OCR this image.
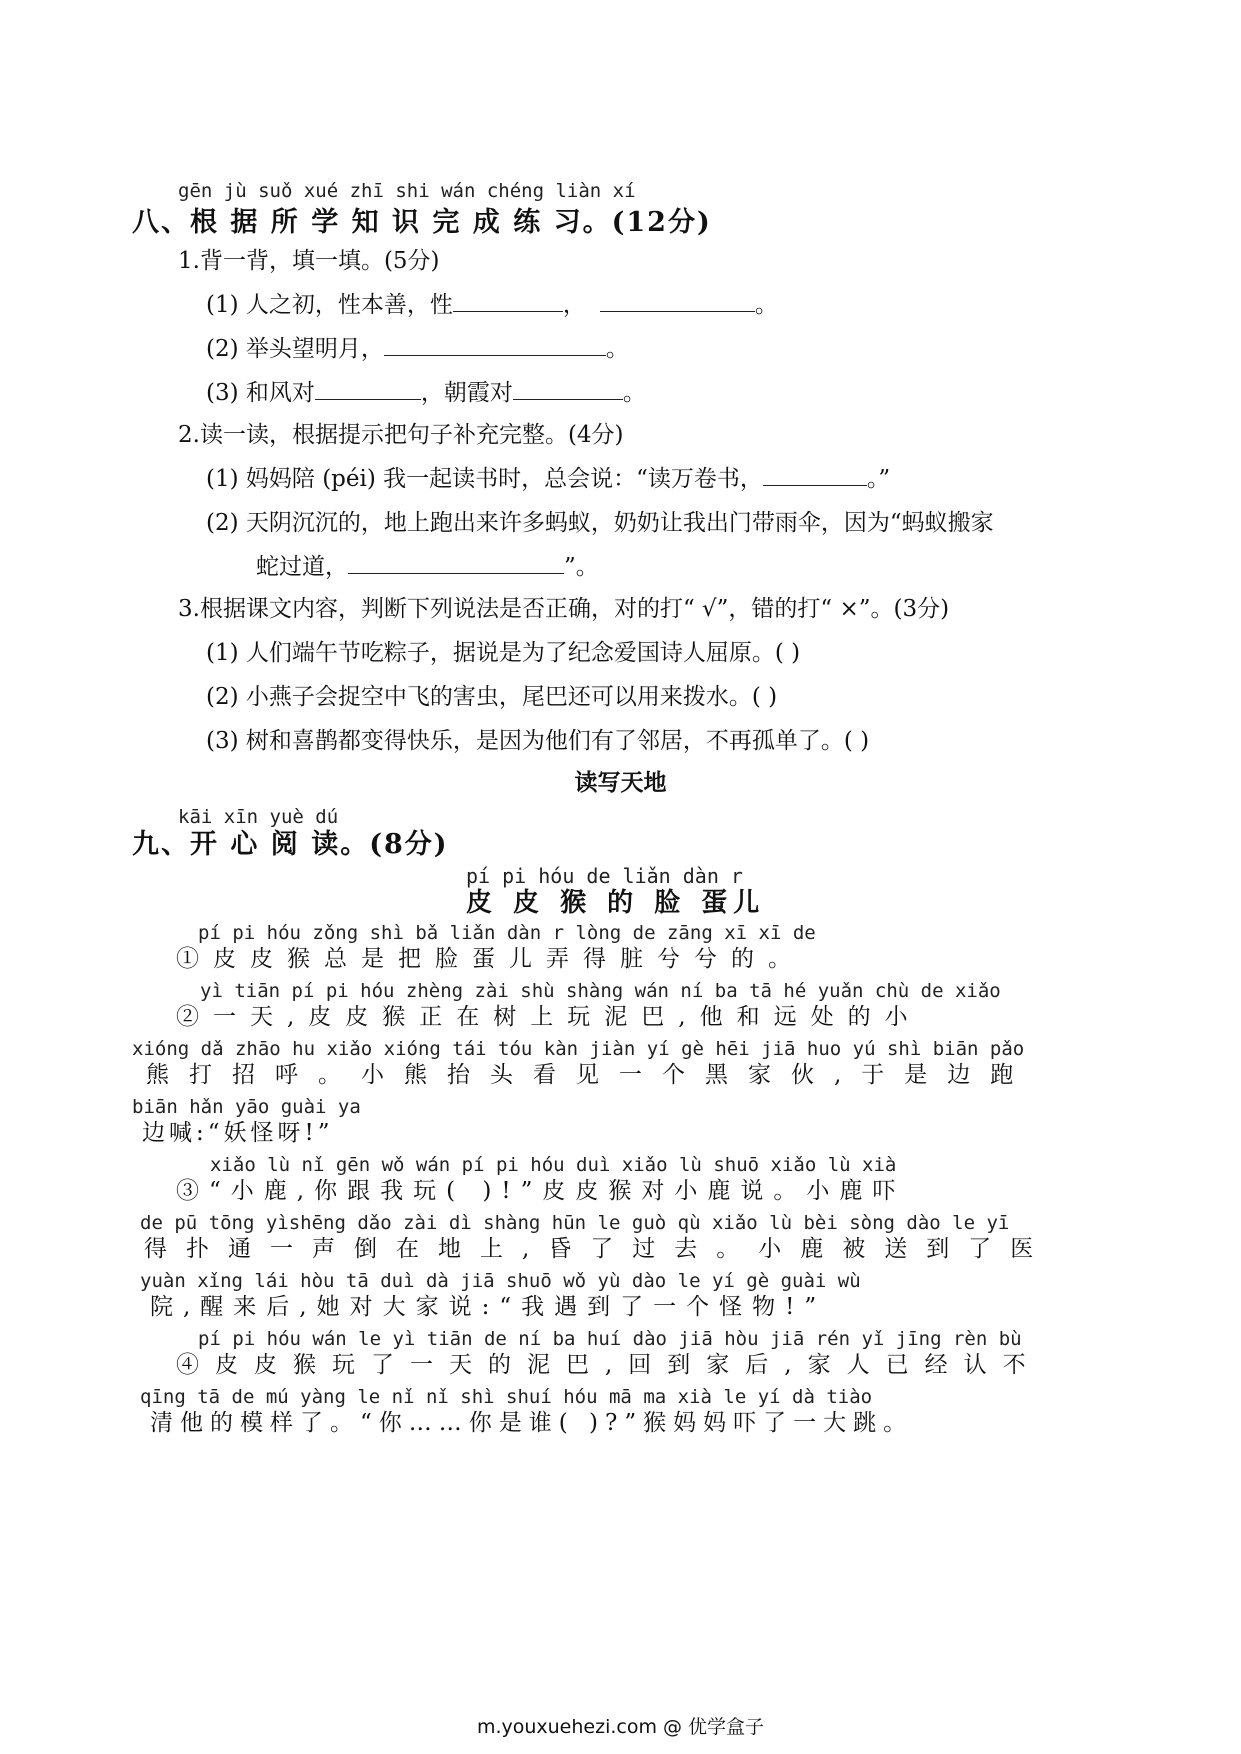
gēn jù suǒ xué zhī shi wán chéng liàn xí
八、根 据 所 学 知 识 完 成 练 习。(12分)
1.背一背，填一填。(5分)
(1) 人之初，性本善，性	，	。
(2) 举头望明月，	。
(3) 和风对	，朝霞对	。
2.读一读，根据提示把句子补充完整。(4分)
(1) 妈妈陪 (péi) 我一起读书时，总会说：“读万卷书，	。”
(2) 天阴沉沉的，地上跑出来许多蚂蚁，奶奶让我出门带雨伞，因为“蚂蚁搬家
蛇过道，	”。
3.根据课文内容，判断下列说法是否正确，对的打“ √”，错的打“ ×”。(3分)
(1) 人们端午节吃粽子，据说是为了纪念爱国诗人屈原。( )
(2) 小燕子会捉空中飞的害虫，尾巴还可以用来拨水。( )
(3) 树和喜鹊都变得快乐，是因为他们有了邻居，不再孤单了。( )
读写天地
kāi xīn yuè dú
九、开 心 阅 读。(8分)
pí pi hóu de liǎn dàn r
皮 皮 猴 的 脸 蛋儿
pí pi hóu zǒng shì bǎ liǎn dàn r lòng de zāng xī xī de
①皮皮猴总是把脸蛋儿弄得脏兮兮的。
yì tiān pí pi hóu zhèng zài shù shàng wán ní ba tā hé yuǎn chù de xiǎo
②一天,皮皮猴正在树上玩泥巴,他和远处的小
xióng dǎ zhāo hu xiǎo xióng tái tóu kàn jiàn yí gè hēi jiā huo yú shì biān pǎo
熊打招呼。小熊抬头看见一个黑家伙,于是边跑
biān hǎn yāo guài ya
边喊:“妖怪呀!”
xiǎo lù nǐ gēn wǒ wán pí pi hóu duì xiǎo lù shuō xiǎo lù xià
③“小鹿,你跟我玩( )!”皮皮猴对小鹿说。小鹿吓
de pū tōng yìshēng dǎo zài dì shàng hūn le guò qù xiǎo lù bèi sòng dào le yī
得扑通一声倒在地上,昏了过去。小鹿被送到了医
yuàn xǐng lái hòu tā duì dà jiā shuō wǒ yù dào le yí gè guài wù
院,醒来后,她对大家说:“我遇到了一个怪物!”
pí pi hóu wán le yì tiān de ní ba huí dào jiā hòu jiā rén yǐ jīng rèn bù
④皮皮猴玩了一天的泥巴,回到家后,家人已经认不
qīng tā de mú yàng le nǐ nǐ shì shuí hóu mā ma xià le yí dà tiào
清他的模样了。“你……你是谁( )?”猴妈妈吓了一大跳。
m.youxuehezi.com @ 优学盒子
